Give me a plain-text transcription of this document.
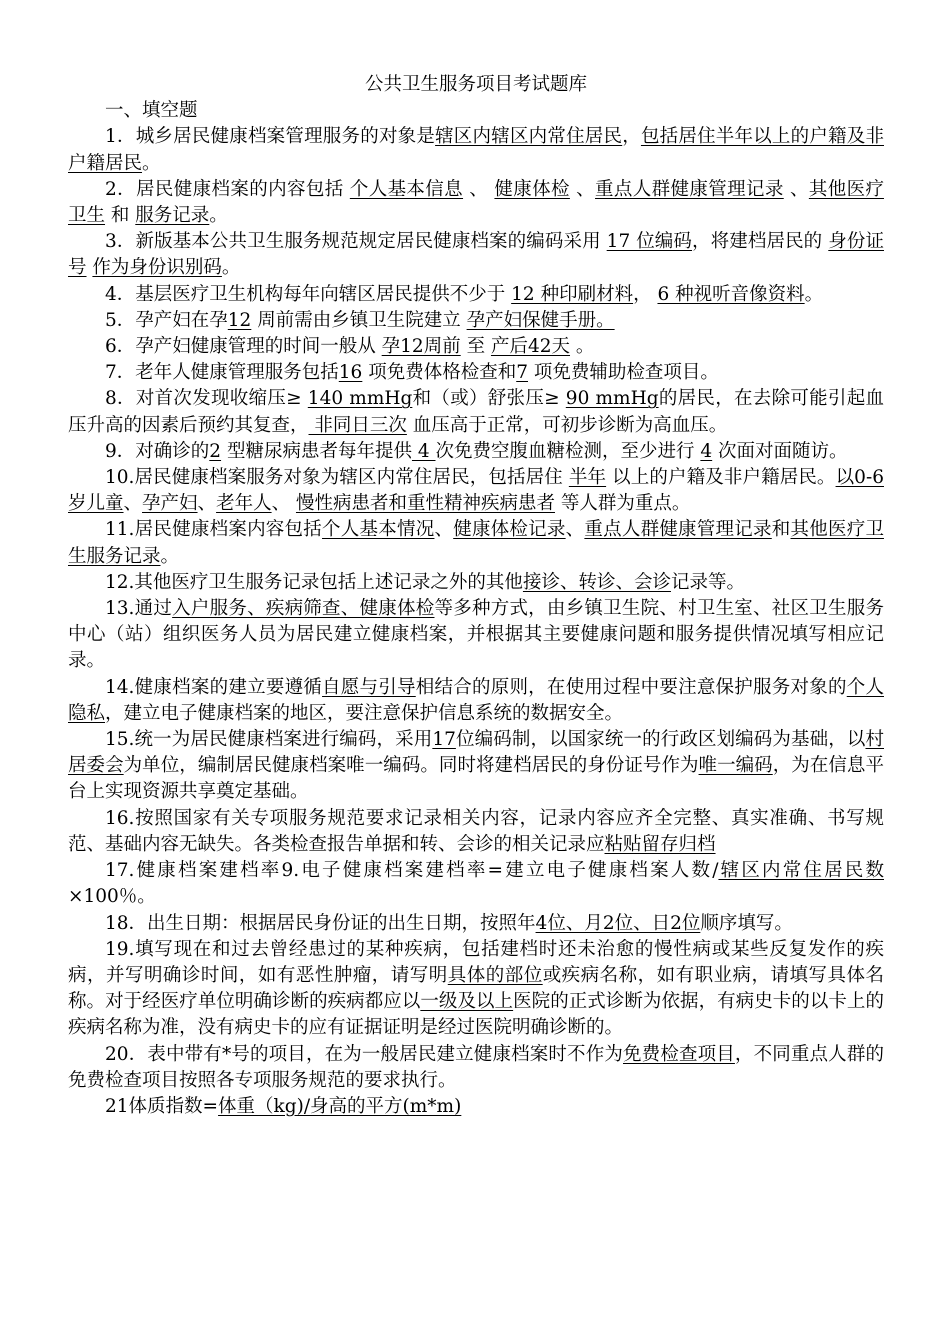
公共卫生服务项目考试题库

一、填空题

1．城乡居民健康档案管理服务的对象是辖区内辖区内常住居民，包括居住半年以上的户籍及非户籍居民。

2．居民健康档案的内容包括 个人基本信息 、 健康体检 、重点人群健康管理记录 、其他医疗卫生 和 服务记录。

3．新版基本公共卫生服务规范规定居民健康档案的编码采用 17 位编码，将建档居民的 身份证号 作为身份识别码。

4．基层医疗卫生机构每年向辖区居民提供不少于 12 种印刷材料， 6 种视听音像资料。

5．孕产妇在孕12 周前需由乡镇卫生院建立 孕产妇保健手册。

6．孕产妇健康管理的时间一般从 孕12周前 至 产后42天 。

7．老年人健康管理服务包括16 项免费体格检查和7 项免费辅助检查项目。

8．对首次发现收缩压≥ 140 mmHg和（或）舒张压≥ 90 mmHg的居民，在去除可能引起血压升高的因素后预约其复查， 非同日三次 血压高于正常，可初步诊断为高血压。

9．对确诊的2 型糖尿病患者每年提供 4 次免费空腹血糖检测，至少进行 4 次面对面随访。

10.居民健康档案服务对象为辖区内常住居民，包括居住 半年 以上的户籍及非户籍居民。以0-6岁儿童、孕产妇、老年人、 慢性病患者和重性精神疾病患者 等人群为重点。

11.居民健康档案内容包括个人基本情况、健康体检记录、重点人群健康管理记录和其他医疗卫生服务记录。

12.其他医疗卫生服务记录包括上述记录之外的其他接诊、转诊、会诊记录等。

13.通过入户服务、疾病筛查、健康体检等多种方式，由乡镇卫生院、村卫生室、社区卫生服务中心（站）组织医务人员为居民建立健康档案，并根据其主要健康问题和服务提供情况填写相应记录。

14.健康档案的建立要遵循自愿与引导相结合的原则，在使用过程中要注意保护服务对象的个人隐私，建立电子健康档案的地区，要注意保护信息系统的数据安全。

15.统一为居民健康档案进行编码，采用17位编码制，以国家统一的行政区划编码为基础，以村居委会为单位，编制居民健康档案唯一编码。同时将建档居民的身份证号作为唯一编码，为在信息平台上实现资源共享奠定基础。

16.按照国家有关专项服务规范要求记录相关内容，记录内容应齐全完整、真实准确、书写规范、基础内容无缺失。各类检查报告单据和转、会诊的相关记录应粘贴留存归档

17.健康档案建档率9.电子健康档案建档率=建立电子健康档案人数/辖区内常住居民数×100％。

18．出生日期：根据居民身份证的出生日期，按照年4位、月2位、日2位顺序填写。

19.填写现在和过去曾经患过的某种疾病，包括建档时还未治愈的慢性病或某些反复发作的疾病，并写明确诊时间，如有恶性肿瘤，请写明具体的部位或疾病名称，如有职业病，请填写具体名称。对于经医疗单位明确诊断的疾病都应以一级及以上医院的正式诊断为依据，有病史卡的以卡上的疾病名称为准，没有病史卡的应有证据证明是经过医院明确诊断的。

20．表中带有*号的项目，在为一般居民建立健康档案时不作为免费检查项目，不同重点人群的免费检查项目按照各专项服务规范的要求执行。

21体质指数=体重（kg)/身高的平方(m*m)
